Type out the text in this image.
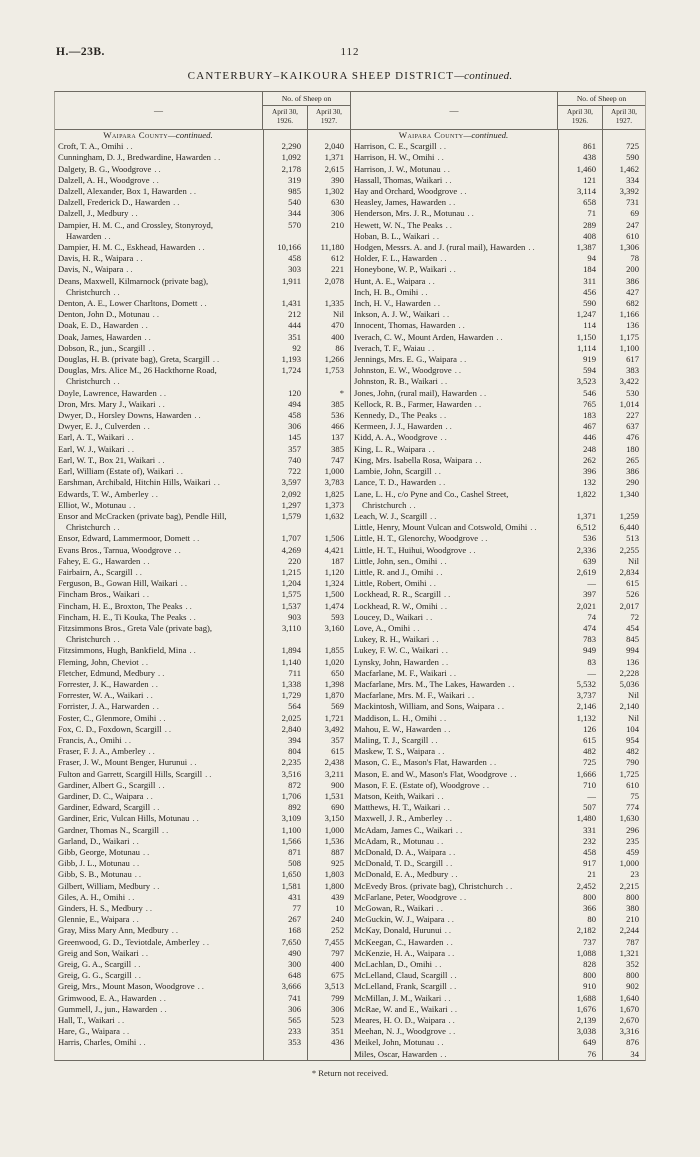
H.—23B.	112
CANTERBURY–KAIKOURA SHEEP DISTRICT—continued.
—
No. of Sheep on
April 30, 1926.
April 30, 1927.
Waipara County—continued.
Croft, T. A., Omihi ..	2,290	2,040
Cunningham, D. J., Bredwardine, Hawarden ..	1,092	1,371
Dalgety, B. G., Woodgrove ..	2,178	2,615
Dalzell, A. H., Woodgrove ..	319	390
Dalzell, Alexander, Box 1, Hawarden ..	985	1,302
Dalzell, Frederick D., Hawarden ..	540	630
Dalzell, J., Medbury ..	344	306
Dampier, H. M. C., and Crossley, Stonyroyd, Hawarden ..
570	210
Dampier, H. M. C., Eskhead, Hawarden ..	10,166	11,180
Davis, H. R., Waipara ..	458	612
Davis, N., Waipara ..	303	221
Deans, Maxwell, Kilmarnock (private bag), Christchurch ..
1,911	2,078
Denton, A. E., Lower Charltons, Domett ..	1,431	1,335
Denton, John D., Motunau ..	212	Nil
Doak, E. D., Hawarden ..	444	470
Doak, James, Hawarden ..	351	400
Dobson, R., jun., Scargill ..	92	86
Douglas, H. B. (private bag), Greta, Scargill ..	1,193	1,266
Douglas, Mrs. Alice M., 26 Hackthorne Road, Christchurch ..
1,724	1,753
Doyle, Lawrence, Hawarden ..	120	*
Dron, Mrs. Mary J., Waikari ..	494	385
Dwyer, D., Horsley Downs, Hawarden ..	458	536
Dwyer, E. J., Culverden ..	306	466
Earl, A. T., Waikari ..	145	137
Earl, W. J., Waikari ..	357	385
Earl, W. T., Box 21, Waikari ..	740	747
Earl, William (Estate of), Waikari ..	722	1,000
Earshman, Archibald, Hitchin Hills, Waikari ..	3,597	3,783
Edwards, T. W., Amberley ..	2,092	1,825
Elliot, W., Motunau ..	1,297	1,373
Ensor and McCracken (private bag), Pendle Hill, Christchurch ..
1,579	1,632
Ensor, Edward, Lammermoor, Domett ..	1,707	1,506
Evans Bros., Tarnua, Woodgrove ..	4,269	4,421
Fahey, E. G., Hawarden ..	220	187
Fairbairn, A., Scargill ..	1,215	1,120
Ferguson, B., Gowan Hill, Waikari ..	1,204	1,324
Fincham Bros., Waikari ..	1,575	1,500
Fincham, H. E., Broxton, The Peaks ..	1,537	1,474
Fincham, H. E., Ti Kouka, The Peaks ..	903	593
Fitzsimmons Bros., Greta Vale (private bag), Christchurch ..
3,110	3,160
Fitzsimmons, Hugh, Bankfield, Mina ..	1,894	1,855
Fleming, John, Cheviot ..	1,140	1,020
Fletcher, Edmund, Medbury ..	711	650
Forrester, J. K., Hawarden ..	1,338	1,398
Forrester, W. A., Waikari ..	1,729	1,870
Forrister, J. A., Harwarden ..	564	569
Foster, C., Glenmore, Omihi ..	2,025	1,721
Fox, C. D., Foxdown, Scargill ..	2,840	3,492
Francis, A., Omihi ..	394	357
Fraser, F. J. A., Amberley ..	804	615
Fraser, J. W., Mount Benger, Hurunui ..	2,235	2,438
Fulton and Garrett, Scargill Hills, Scargill ..	3,516	3,211
Gardiner, Albert G., Scargill ..	872	900
Gardiner, D. C., Waipara ..	1,706	1,531
Gardiner, Edward, Scargill ..	892	690
Gardiner, Eric, Vulcan Hills, Motunau ..	3,109	3,150
Gardner, Thomas N., Scargill ..	1,100	1,000
Garland, D., Waikari ..	1,566	1,536
Gibb, George, Motunau ..	871	887
Gibb, J. L., Motunau ..	508	925
Gibb, S. B., Motunau ..	1,650	1,803
Gilbert, William, Medbury ..	1,581	1,800
Giles, A. H., Omihi ..	431	439
Ginders, H. S., Medbury ..	77	10
Glennie, E., Waipara ..	267	240
Gray, Miss Mary Ann, Medbury ..	168	252
Greenwood, G. D., Teviotdale, Amberley ..	7,650	7,455
Greig and Son, Waikari ..	490	797
Greig, G. A., Scargill ..	300	400
Greig, G. G., Scargill ..	648	675
Greig, Mrs., Mount Mason, Woodgrove ..	3,666	3,513
Grimwood, E. A., Hawarden ..	741	799
Gummell, J., jun., Hawarden ..	306	306
Hall, T., Waikari ..	565	523
Hare, G., Waipara ..	233	351
Harris, Charles, Omihi ..	353	436
—
No. of Sheep on
April 30, 1926.
April 30, 1927.
Waipara County—continued.
Harrison, C. E., Scargill ..	861	725
Harrison, H. W., Omihi ..	438	590
Harrison, J. W., Motunau ..	1,460	1,462
Hassall, Thomas, Waikari ..	121	334
Hay and Orchard, Woodgrove ..	3,114	3,392
Heasley, James, Hawarden ..	658	731
Henderson, Mrs. J. R., Motunau ..	71	69
Hewett, W. N., The Peaks ..	289	247
Hoban, B. L., Waikari ..	408	610
Hodgen, Messrs. A. and J. (rural mail), Hawarden ..	1,387	1,306
Holder, F. L., Hawarden ..	94	78
Honeybone, W. P., Waikari ..	184	200
Hunt, A. E., Waipara ..	311	386
Inch, H. B., Omihi ..	456	427
Inch, H. V., Hawarden ..	590	682
Inkson, A. J. W., Waikari ..	1,247	1,166
Innocent, Thomas, Hawarden ..	114	136
Iverach, C. W., Mount Arden, Hawarden ..	1,150	1,175
Iverach, T. F., Waiau ..	1,114	1,100
Jennings, Mrs. E. G., Waipara ..	919	617
Johnston, E. W., Woodgrove ..	594	383
Johnston, R. B., Waikari ..	3,523	3,422
Jones, John, (rural mail), Hawarden ..	546	530
Kellock, R. B., Farmer, Hawarden ..	765	1,014
Kennedy, D., The Peaks ..	183	227
Kermeen, J. J., Hawarden ..	467	637
Kidd, A. A., Woodgrove ..	446	476
King, L. R., Waipara ..	248	180
King, Mrs. Isabella Rosa, Waipara ..	262	265
Lambie, John, Scargill ..	396	386
Lance, T. D., Hawarden ..	132	290
Lane, L. H., c/o Pyne and Co., Cashel Street, Christchurch ..
1,822	1,340
Leach, W. J., Scargill ..	1,371	1,259
Little, Henry, Mount Vulcan and Cotswold, Omihi ..	6,512	6,440
Little, H. T., Glenorchy, Woodgrove ..	536	513
Little, H. T., Huihui, Woodgrove ..	2,336	2,255
Little, John, sen., Omihi ..	639	Nil
Little, R. and J., Omihi ..	2,619	2,834
Little, Robert, Omihi ..	—	615
Lockhead, R. R., Scargill ..	397	526
Lockhead, R. W., Omihi ..	2,021	2,017
Loucey, D., Waikari ..	74	72
Love, A., Omihi ..	474	454
Lukey, R. H., Waikari ..	783	845
Lukey, F. W. C., Waikari ..	949	994
Lynsky, John, Hawarden ..	83	136
Macfarlane, M. F., Waikari ..	—	2,228
Macfarlane, Mrs. M., The Lakes, Hawarden ..	5,532	5,036
Macfarlane, Mrs. M. F., Waikari ..	3,737	Nil
Mackintosh, William, and Sons, Waipara ..	2,146	2,140
Maddison, L. H., Omihi ..	1,132	Nil
Mahou, E. W., Hawarden ..	126	104
Maling, T. J., Scargill ..	615	954
Maskew, T. S., Waipara ..	482	482
Mason, C. E., Mason's Flat, Hawarden ..	725	790
Mason, E. and W., Mason's Flat, Woodgrove ..	1,666	1,725
Mason, F. E. (Estate of), Woodgrove ..	710	610
Matson, Keith, Waikari ..	—	75
Matthews, H. T., Waikari ..	507	774
Maxwell, J. R., Amberley ..	1,480	1,630
McAdam, James C., Waikari ..	331	296
McAdam, R., Motunau ..	232	235
McDonald, D. A., Waipara ..	458	459
McDonald, T. D., Scargill ..	917	1,000
McDonald, E. A., Medbury ..	21	23
McEvedy Bros. (private bag), Christchurch ..	2,452	2,215
McFarlane, Peter, Woodgrove ..	800	800
McGowan, R., Waikari ..	366	380
McGuckin, W. J., Waipara ..	80	210
McKay, Donald, Hurunui ..	2,182	2,244
McKeegan, C., Hawarden ..	737	787
McKenzie, H. A., Waipara ..	1,088	1,321
McLachlan, D., Omihi ..	828	352
McLelland, Claud, Scargill ..	800	800
McLelland, Frank, Scargill ..	910	902
McMillan, J. M., Waikari ..	1,688	1,640
McRae, W. and E., Waikari ..	1,676	1,670
Meares, H. O. D., Waipara ..	2,139	2,670
Meehan, N. J., Woodgrove ..	3,038	3,316
Meikel, John, Motunau ..	649	876
Miles, Oscar, Hawarden ..	76	34
* Return not received.
